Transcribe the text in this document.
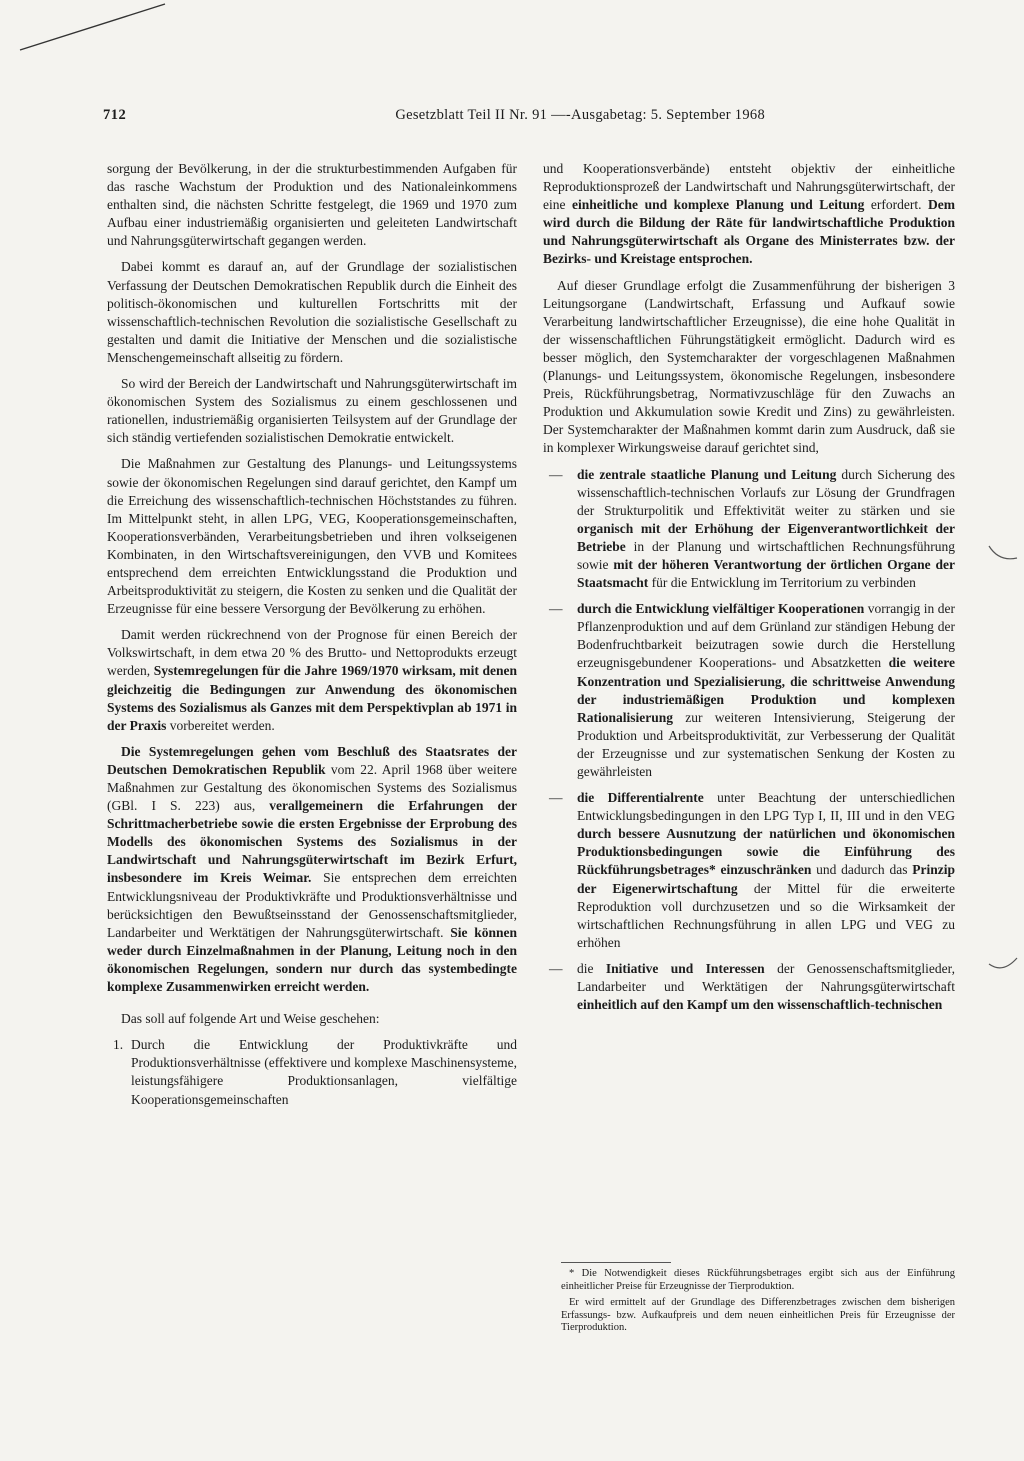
712	Gesetzblatt Teil II Nr. 91 —-Ausgabetag: 5. September 1968

sorgung der Bevölkerung, in der die strukturbestimmenden Aufgaben für das rasche Wachstum der Produktion und des Nationaleinkommens enthalten sind, die nächsten Schritte festgelegt, die 1969 und 1970 zum Aufbau einer industriemäßig organisierten und geleiteten Landwirtschaft und Nahrungsgüterwirtschaft gegangen werden.

Dabei kommt es darauf an, auf der Grundlage der sozialistischen Verfassung der Deutschen Demokratischen Republik durch die Einheit des politisch-ökonomischen und kulturellen Fortschritts mit der wissenschaftlich-technischen Revolution die sozialistische Gesellschaft zu gestalten und damit die Initiative der Menschen und die sozialistische Menschengemeinschaft allseitig zu fördern.

So wird der Bereich der Landwirtschaft und Nahrungsgüterwirtschaft im ökonomischen System des Sozialismus zu einem geschlossenen und rationellen, industriemäßig organisierten Teilsystem auf der Grundlage der sich ständig vertiefenden sozialistischen Demokratie entwickelt.

Die Maßnahmen zur Gestaltung des Planungs- und Leitungssystems sowie der ökonomischen Regelungen sind darauf gerichtet, den Kampf um die Erreichung des wissenschaftlich-technischen Höchststandes zu führen. Im Mittelpunkt steht, in allen LPG, VEG, Kooperationsgemeinschaften, Kooperationsverbänden, Verarbeitungsbetrieben und ihren volkseigenen Kombinaten, in den Wirtschaftsvereinigungen, den VVB und Komitees entsprechend dem erreichten Entwicklungsstand die Produktion und Arbeitsproduktivität zu steigern, die Kosten zu senken und die Qualität der Erzeugnisse für eine bessere Versorgung der Bevölkerung zu erhöhen.

Damit werden rückrechnend von der Prognose für einen Bereich der Volkswirtschaft, in dem etwa 20 % des Brutto- und Nettoprodukts erzeugt werden, Systemregelungen für die Jahre 1969/1970 wirksam, mit denen gleichzeitig die Bedingungen zur Anwendung des ökonomischen Systems des Sozialismus als Ganzes mit dem Perspektivplan ab 1971 in der Praxis vorbereitet werden.

Die Systemregelungen gehen vom Beschluß des Staatsrates der Deutschen Demokratischen Republik vom 22. April 1968 über weitere Maßnahmen zur Gestaltung des ökonomischen Systems des Sozialismus (GBl. I S. 223) aus, verallgemeinern die Erfahrungen der Schrittmacherbetriebe sowie die ersten Ergebnisse der Erprobung des Modells des ökonomischen Systems des Sozialismus in der Landwirtschaft und Nahrungsgüterwirtschaft im Bezirk Erfurt, insbesondere im Kreis Weimar. Sie entsprechen dem erreichten Entwicklungsniveau der Produktivkräfte und Produktionsverhältnisse und berücksichtigen den Bewußtseinsstand der Genossenschaftsmitglieder, Landarbeiter und Werktätigen der Nahrungsgüterwirtschaft. Sie können weder durch Einzelmaßnahmen in der Planung, Leitung noch in den ökonomischen Regelungen, sondern nur durch das systembedingte komplexe Zusammenwirken erreicht werden.

Das soll auf folgende Art und Weise geschehen:

1. Durch die Entwicklung der Produktivkräfte und Produktionsverhältnisse (effektivere und komplexe Maschinensysteme, leistungsfähigere Produktionsanlagen, vielfältige Kooperationsgemeinschaften

und Kooperationsverbände) entsteht objektiv der einheitliche Reproduktionsprozeß der Landwirtschaft und Nahrungsgüterwirtschaft, der eine einheitliche und komplexe Planung und Leitung erfordert. Dem wird durch die Bildung der Räte für landwirtschaftliche Produktion und Nahrungsgüterwirtschaft als Organe des Ministerrates bzw. der Bezirks- und Kreistage entsprochen.

Auf dieser Grundlage erfolgt die Zusammenführung der bisherigen 3 Leitungsorgane (Landwirtschaft, Erfassung und Aufkauf sowie Verarbeitung landwirtschaftlicher Erzeugnisse), die eine hohe Qualität in der wissenschaftlichen Führungstätigkeit ermöglicht. Dadurch wird es besser möglich, den Systemcharakter der vorgeschlagenen Maßnahmen (Planungs- und Leitungssystem, ökonomische Regelungen, insbesondere Preis, Rückführungsbetrag, Normativzuschläge für den Zuwachs an Produktion und Akkumulation sowie Kredit und Zins) zu gewährleisten. Der Systemcharakter der Maßnahmen kommt darin zum Ausdruck, daß sie in komplexer Wirkungsweise darauf gerichtet sind,

—	die zentrale staatliche Planung und Leitung durch Sicherung des wissenschaftlich-technischen Vorlaufs zur Lösung der Grundfragen der Strukturpolitik und Effektivität weiter zu stärken und sie organisch mit der Erhöhung der Eigenverantwortlichkeit der Betriebe in der Planung und wirtschaftlichen Rechnungsführung sowie mit der höheren Verantwortung der örtlichen Organe der Staatsmacht für die Entwicklung im Territorium zu verbinden
—	durch die Entwicklung vielfältiger Kooperationen vorrangig in der Pflanzenproduktion und auf dem Grünland zur ständigen Hebung der Bodenfruchtbarkeit beizutragen sowie durch die Herstellung erzeugnisgebundener Kooperations- und Absatzketten die weitere Konzentration und Spezialisierung, die schrittweise Anwendung der industriemäßigen Produktion und komplexen Rationalisierung zur weiteren Intensivierung, Steigerung der Produktion und Arbeitsproduktivität, zur Verbesserung der Qualität der Erzeugnisse und zur systematischen Senkung der Kosten zu gewährleisten
—	die Differentialrente unter Beachtung der unterschiedlichen Entwicklungsbedingungen in den LPG Typ I, II, III und in den VEG durch bessere Ausnutzung der natürlichen und ökonomischen Produktionsbedingungen sowie die Einführung des Rückführungsbetrages* einzuschränken und dadurch das Prinzip der Eigenerwirtschaftung der Mittel für die erweiterte Reproduktion voll durchzusetzen und so die Wirksamkeit der wirtschaftlichen Rechnungsführung in allen LPG und VEG zu erhöhen
—	die Initiative und Interessen der Genossenschaftsmitglieder, Landarbeiter und Werktätigen der Nahrungsgüterwirtschaft einheitlich auf den Kampf um den wissenschaftlich-technischen

* Die Notwendigkeit dieses Rückführungsbetrages ergibt sich aus der Einführung einheitlicher Preise für Erzeugnisse der Tierproduktion.

Er wird ermittelt auf der Grundlage des Differenzbetrages zwischen dem bisherigen Erfassungs- bzw. Aufkaufpreis und dem neuen einheitlichen Preis für Erzeugnisse der Tierproduktion.
